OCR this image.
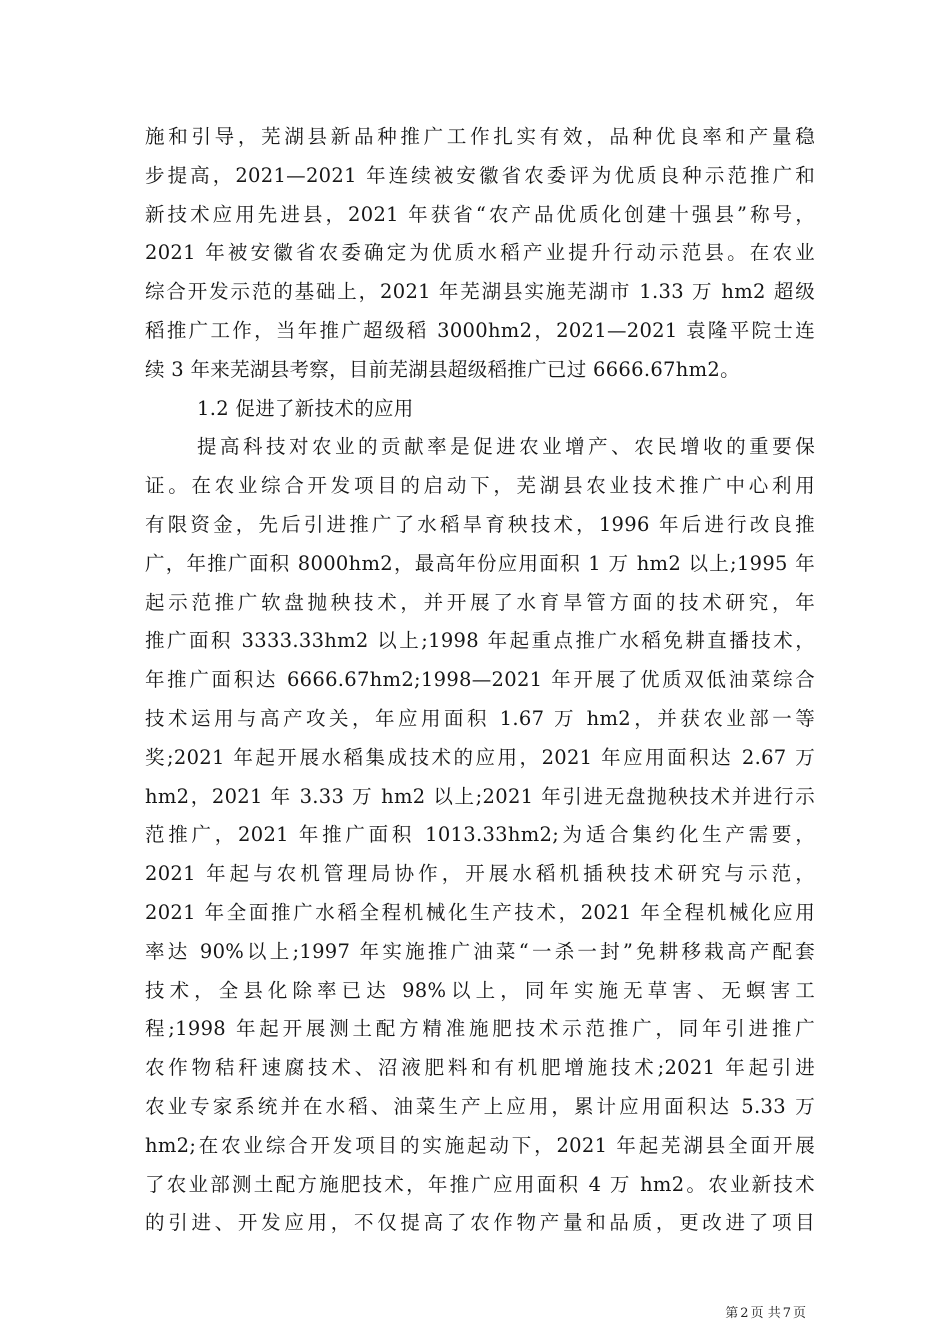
施和引导，芜湖县新品种推广工作扎实有效，品种优良率和产量稳
步提高，2021—2021 年连续被安徽省农委评为优质良种示范推广和
新技术应用先进县，2021 年获省“农产品优质化创建十强县”称号，
2021 年被安徽省农委确定为优质水稻产业提升行动示范县。在农业
综合开发示范的基础上，2021 年芜湖县实施芜湖市 1.33 万 hm2 超级
稻推广工作，当年推广超级稻 3000hm2，2021—2021 袁隆平院士连
续 3 年来芜湖县考察，目前芜湖县超级稻推广已过 6666.67hm2。
1.2 促进了新技术的应用
提高科技对农业的贡献率是促进农业增产、农民增收的重要保
证。在农业综合开发项目的启动下，芜湖县农业技术推广中心利用
有限资金，先后引进推广了水稻旱育秧技术，1996 年后进行改良推
广，年推广面积 8000hm2，最高年份应用面积 1 万 hm2 以上;1995 年
起示范推广软盘抛秧技术，并开展了水育旱管方面的技术研究，年
推广面积 3333.33hm2 以上;1998 年起重点推广水稻免耕直播技术，
年推广面积达 6666.67hm2;1998—2021 年开展了优质双低油菜综合
技术运用与高产攻关，年应用面积 1.67 万 hm2，并获农业部一等
奖;2021 年起开展水稻集成技术的应用，2021 年应用面积达 2.67 万
hm2，2021 年 3.33 万 hm2 以上;2021 年引进无盘抛秧技术并进行示
范推广，2021 年推广面积 1013.33hm2;为适合集约化生产需要，
2021 年起与农机管理局协作，开展水稻机插秧技术研究与示范，
2021 年全面推广水稻全程机械化生产技术，2021 年全程机械化应用
率达 90%以上;1997 年实施推广油菜“一杀一封”免耕移栽高产配套
技术，全县化除率已达 98%以上，同年实施无草害、无螟害工
程;1998 年起开展测土配方精准施肥技术示范推广，同年引进推广
农作物秸秆速腐技术、沼液肥料和有机肥增施技术;2021 年起引进
农业专家系统并在水稻、油菜生产上应用，累计应用面积达 5.33 万
hm2;在农业综合开发项目的实施起动下，2021 年起芜湖县全面开展
了农业部测土配方施肥技术，年推广应用面积 4 万 hm2。农业新技术
的引进、开发应用，不仅提高了农作物产量和品质，更改进了项目
第 2 页 共 7 页
